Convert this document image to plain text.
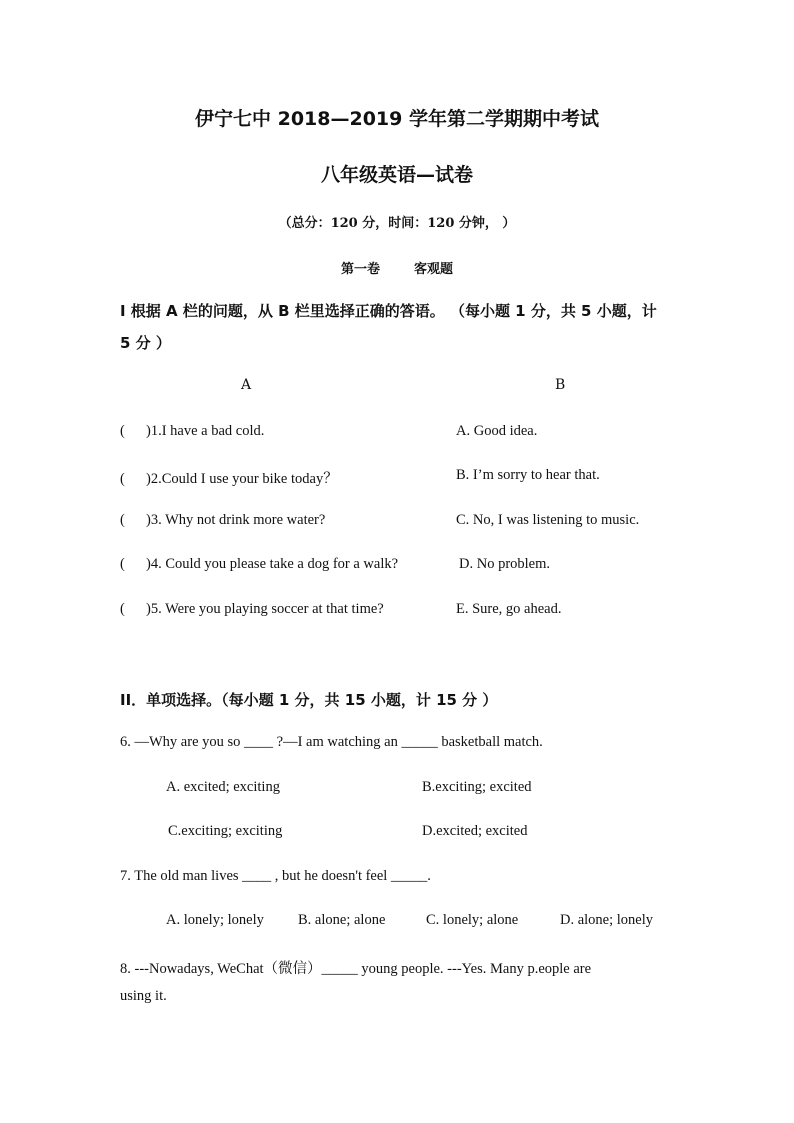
伊宁七中 2018—2019 学年第二学期期中考试
八年级英语—试卷
（总分：120 分，时间：120 分钟， ）
第一卷	客观题
I 根据 A 栏的问题，从 B 栏里选择正确的答语。 （每小题 1 分，共 5 小题，计
5 分 ）
A	B
( )1.I have a bad cold.	A. Good idea.
( )2.Could I use your bike today？	B. I’m sorry to hear that.
( )3. Why not drink more water?	C. No, I was listening to music.
( )4. Could you please take a dog for a walk?	D. No problem.
( )5. Were you playing soccer at that time?	E. Sure, go ahead.
II．单项选择。（每小题 1 分，共 15 小题，计 15 分 ）
6. —Why are you so ____ ?—I am watching an _____ basketball match.
A. excited; exciting	B.exciting; excited
C.exciting; exciting	D.excited; excited
7. The old man lives ____ , but he doesn't feel _____.
A. lonely; lonely B. alone; alone	C. lonely; alone	D. alone; lonely
8. ---Nowadays, WeChat（微信）_____ young people. ---Yes. Many p.eople are
using it.
